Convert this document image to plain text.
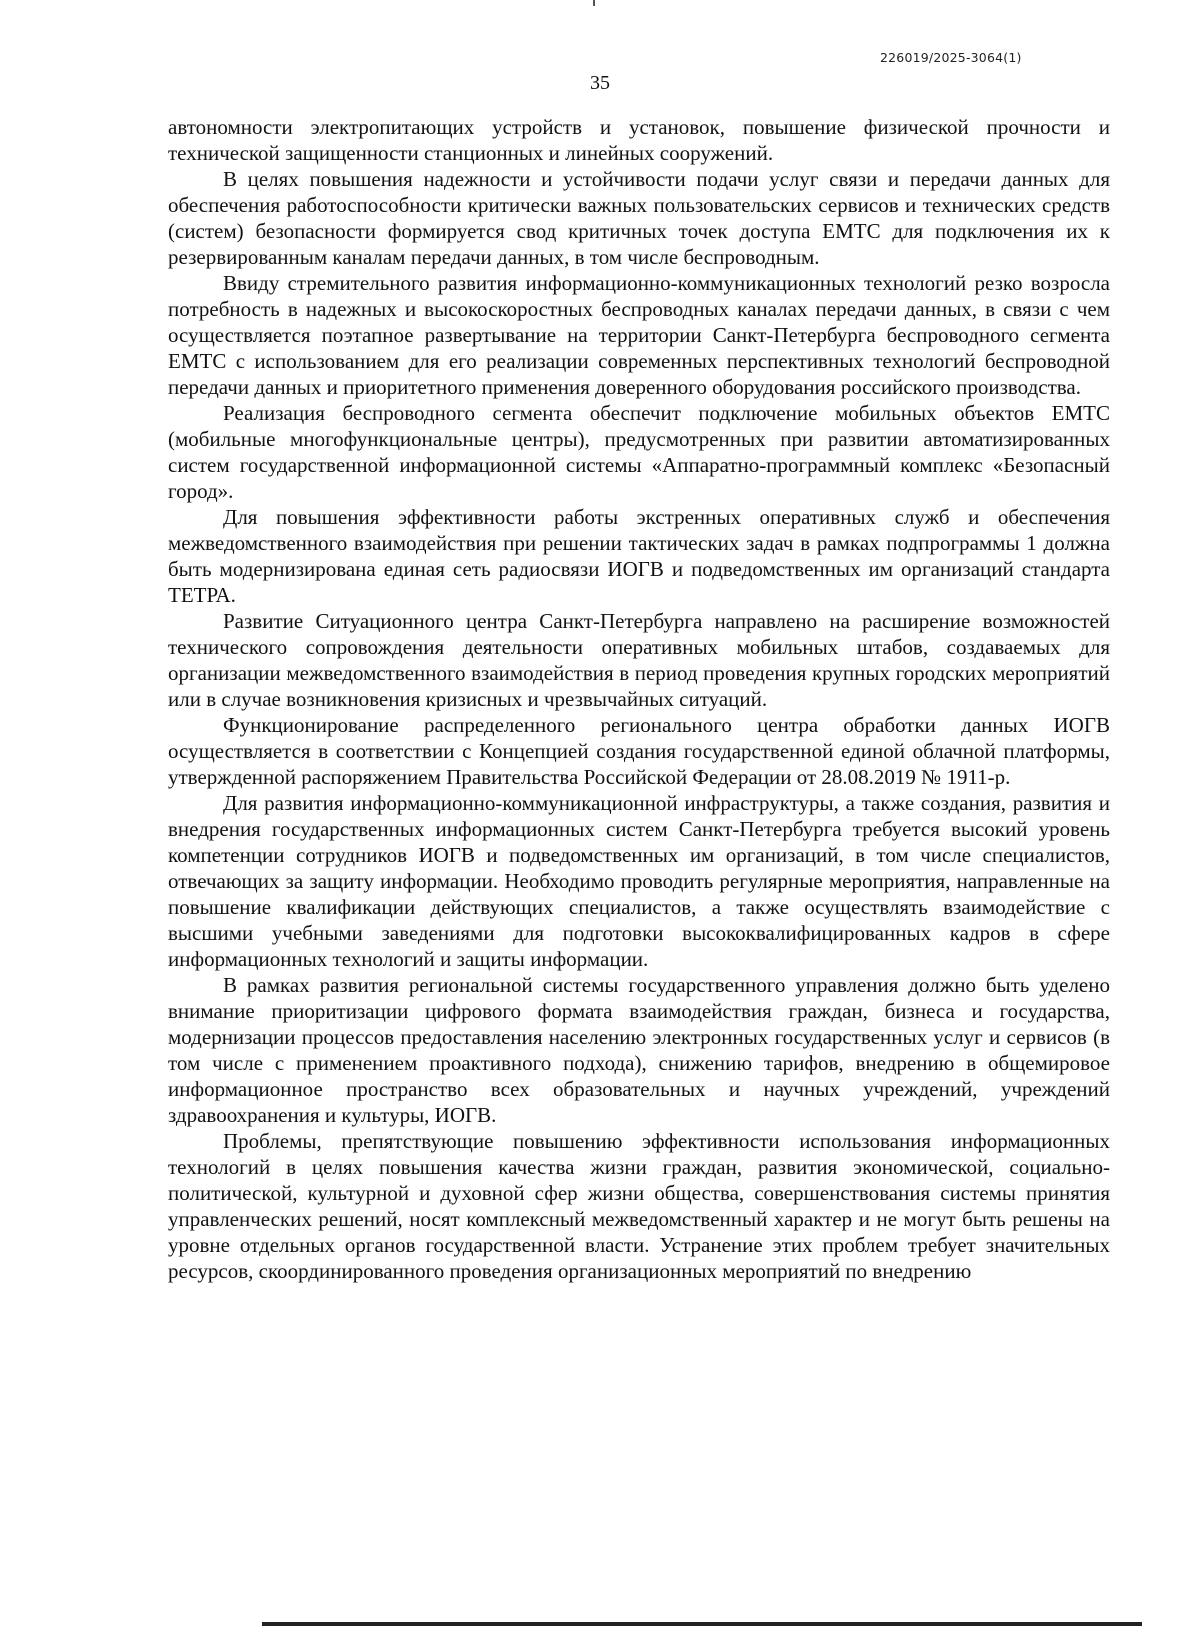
226019/2025-3064(1)
35

автономности электропитающих устройств и установок, повышение физической прочности и технической защищенности станционных и линейных сооружений.

В целях повышения надежности и устойчивости подачи услуг связи и передачи данных для обеспечения работоспособности критически важных пользовательских сервисов и технических средств (систем) безопасности формируется свод критичных точек доступа ЕМТС для подключения их к резервированным каналам передачи данных, в том числе беспроводным.

Ввиду стремительного развития информационно-коммуникационных технологий резко возросла потребность в надежных и высокоскоростных беспроводных каналах передачи данных, в связи с чем осуществляется поэтапное развертывание на территории Санкт-Петербурга беспроводного сегмента ЕМТС с использованием для его реализации современных перспективных технологий беспроводной передачи данных и приоритетного применения доверенного оборудования российского производства.

Реализация беспроводного сегмента обеспечит подключение мобильных объектов ЕМТС (мобильные многофункциональные центры), предусмотренных при развитии автоматизированных систем государственной информационной системы «Аппаратно-программный комплекс «Безопасный город».

Для повышения эффективности работы экстренных оперативных служб и обеспечения межведомственного взаимодействия при решении тактических задач в рамках подпрограммы 1 должна быть модернизирована единая сеть радиосвязи ИОГВ и подведомственных им организаций стандарта ТЕТРА.

Развитие Ситуационного центра Санкт-Петербурга направлено на расширение возможностей технического сопровождения деятельности оперативных мобильных штабов, создаваемых для организации межведомственного взаимодействия в период проведения крупных городских мероприятий или в случае возникновения кризисных и чрезвычайных ситуаций.

Функционирование распределенного регионального центра обработки данных ИОГВ осуществляется в соответствии с Концепцией создания государственной единой облачной платформы, утвержденной распоряжением Правительства Российской Федерации от 28.08.2019 № 1911-р.

Для развития информационно-коммуникационной инфраструктуры, а также создания, развития и внедрения государственных информационных систем Санкт-Петербурга требуется высокий уровень компетенции сотрудников ИОГВ и подведомственных им организаций, в том числе специалистов, отвечающих за защиту информации. Необходимо проводить регулярные мероприятия, направленные на повышение квалификации действующих специалистов, а также осуществлять взаимодействие с высшими учебными заведениями для подготовки высококвалифицированных кадров в сфере информационных технологий и защиты информации.

В рамках развития региональной системы государственного управления должно быть уделено внимание приоритизации цифрового формата взаимодействия граждан, бизнеса и государства, модернизации процессов предоставления населению электронных государственных услуг и сервисов (в том числе с применением проактивного подхода), снижению тарифов, внедрению в общемировое информационное пространство всех образовательных и научных учреждений, учреждений здравоохранения и культуры, ИОГВ.

Проблемы, препятствующие повышению эффективности использования информационных технологий в целях повышения качества жизни граждан, развития экономической, социально-политической, культурной и духовной сфер жизни общества, совершенствования системы принятия управленческих решений, носят комплексный межведомственный характер и не могут быть решены на уровне отдельных органов государственной власти. Устранение этих проблем требует значительных ресурсов, скоординированного проведения организационных мероприятий по внедрению
